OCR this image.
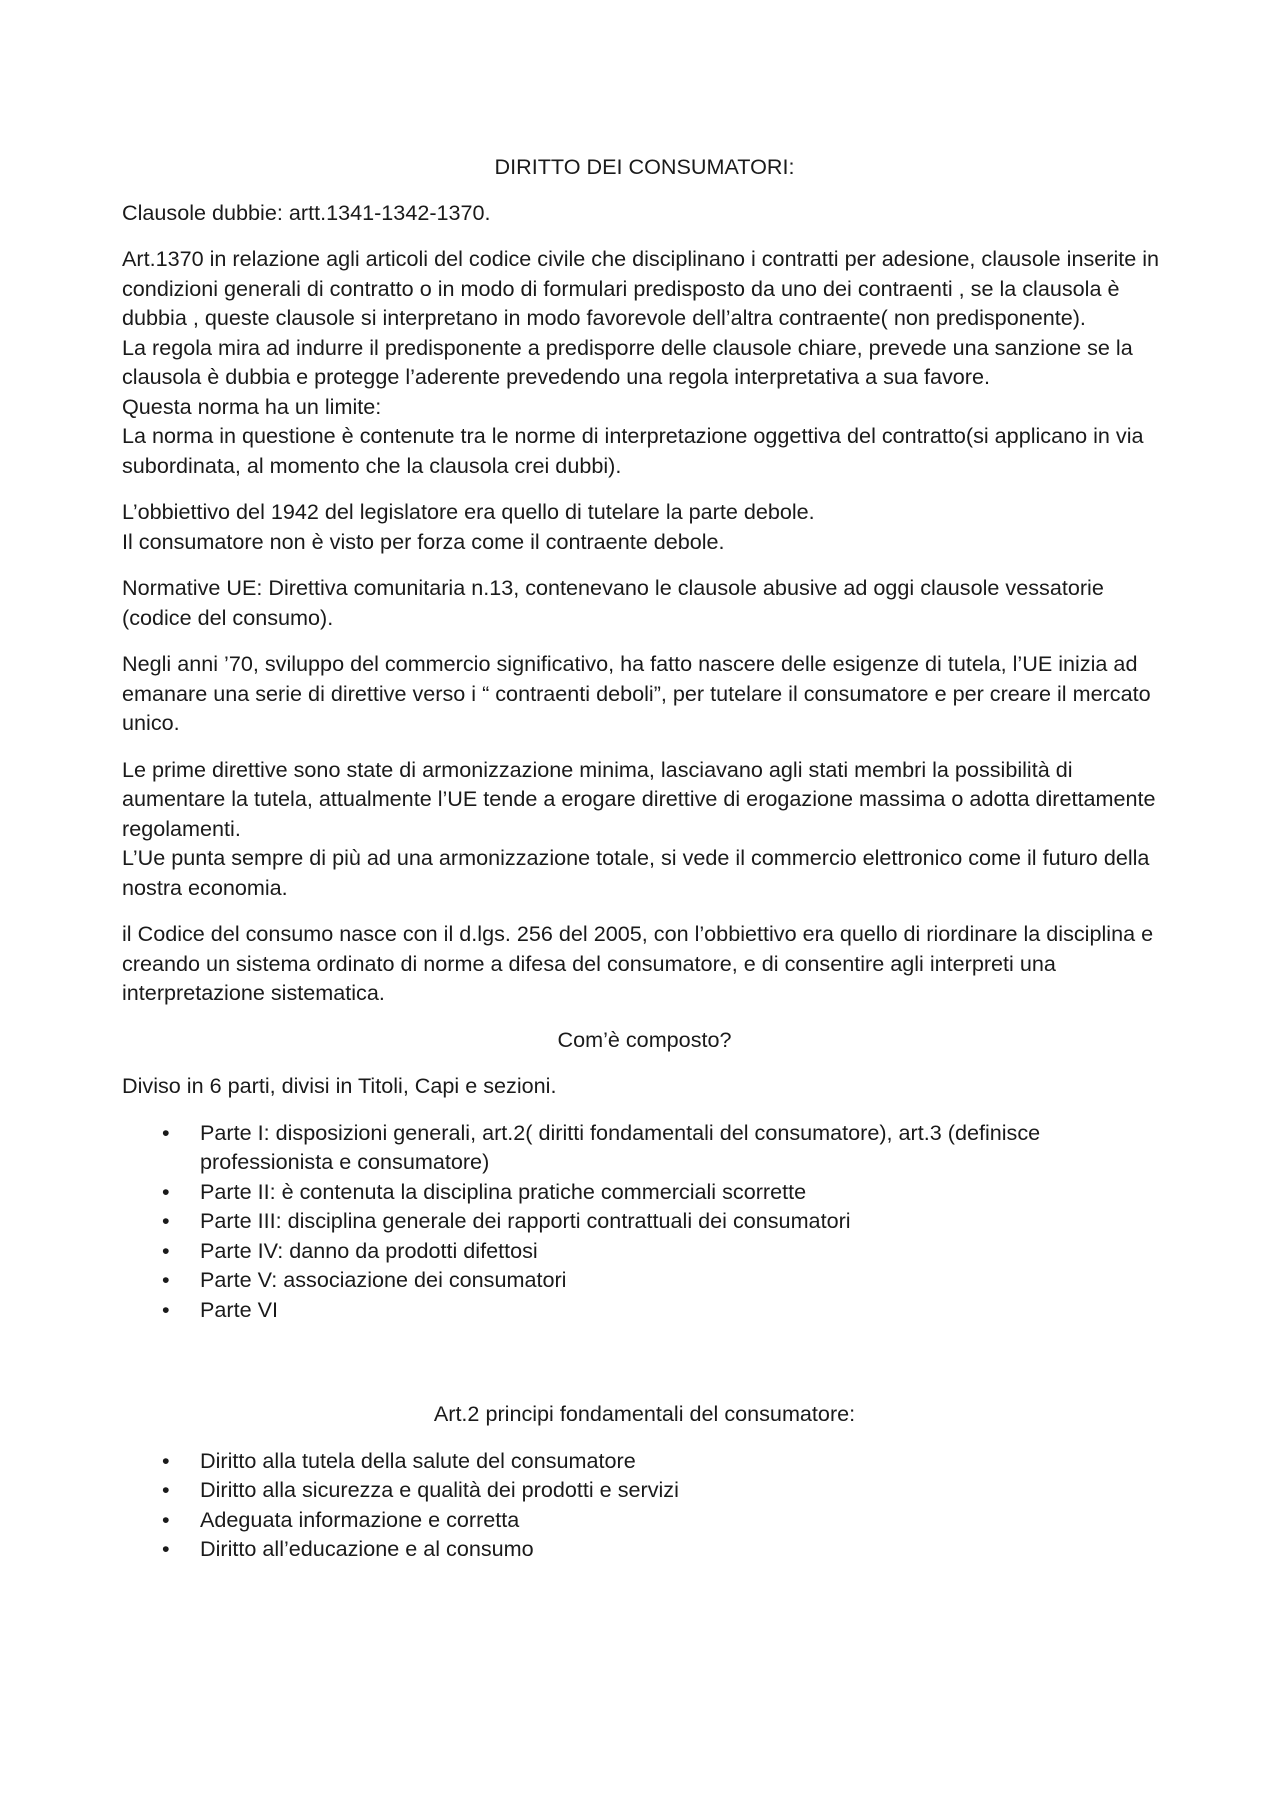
DIRITTO DEI CONSUMATORI:

Clausole dubbie: artt.1341-1342-1370.

Art.1370 in relazione agli articoli del codice civile che disciplinano i contratti per adesione, clausole inserite in condizioni generali di contratto o in modo di formulari predisposto da uno dei contraenti , se la clausola è dubbia , queste clausole si interpretano in modo favorevole dell’altra contraente( non predisponente).

La regola mira ad indurre il predisponente a predisporre delle clausole chiare, prevede una sanzione se la clausola è dubbia e protegge l’aderente prevedendo una regola interpretativa a sua favore.

Questa norma ha un limite:

La norma in questione è contenute tra le norme di interpretazione oggettiva del contratto(si applicano in via subordinata, al momento che la clausola crei dubbi).

L’obbiettivo del 1942 del legislatore era quello di tutelare la parte debole.

Il consumatore non è visto per forza come il contraente debole.

Normative UE: Direttiva comunitaria n.13, contenevano le clausole abusive ad oggi clausole vessatorie (codice del consumo).

Negli anni ’70, sviluppo del commercio significativo, ha fatto nascere delle esigenze di tutela, l’UE inizia ad emanare una serie di direttive verso i “ contraenti deboli”, per tutelare il consumatore e per creare il mercato unico.

Le prime direttive sono state di armonizzazione minima, lasciavano agli stati membri la possibilità di aumentare la tutela, attualmente l’UE tende a erogare direttive di erogazione massima o adotta direttamente regolamenti.

L’Ue punta sempre di più ad una armonizzazione totale, si vede il commercio elettronico come il futuro della nostra economia.

il Codice del consumo nasce con il d.lgs. 256 del 2005, con l’obbiettivo era quello di riordinare la disciplina e creando un sistema ordinato di norme a difesa del consumatore, e di consentire agli interpreti una interpretazione sistematica.

Com’è composto?

Diviso in 6 parti, divisi in Titoli, Capi e sezioni.

• Parte I: disposizioni generali, art.2( diritti fondamentali del consumatore), art.3 (definisce professionista e consumatore)
• Parte II: è contenuta la disciplina pratiche commerciali scorrette
• Parte III: disciplina generale dei rapporti contrattuali dei consumatori
• Parte IV: danno da prodotti difettosi
• Parte V: associazione dei consumatori
• Parte VI

Art.2 principi fondamentali del consumatore:

• Diritto alla tutela della salute del consumatore
• Diritto alla sicurezza e qualità dei prodotti e servizi
• Adeguata informazione e corretta
• Diritto all’educazione e al consumo
